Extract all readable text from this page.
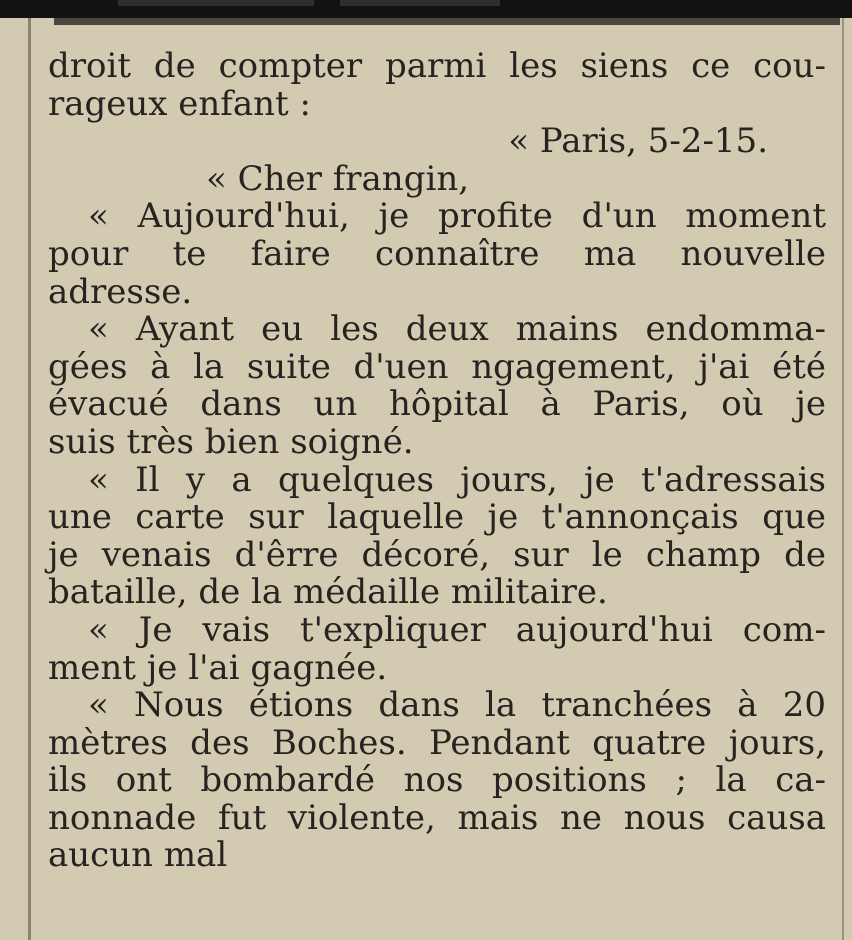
droit de compter parmi les siens ce cou-

rageux enfant :

« Paris, 5-2-15.

« Cher frangin,

« Aujourd'hui, je profite d'un moment

pour te faire connaître ma nouvelle

adresse.

« Ayant eu les deux mains endomma-

gées à la suite d'uen ngagement, j'ai été

évacué dans un hôpital à Paris, où je

suis très bien soigné.

« Il y a quelques jours, je t'adressais

une carte sur laquelle je t'annonçais que

je venais d'êrre décoré, sur le champ de

bataille, de la médaille militaire.

« Je vais t'expliquer aujourd'hui com-

ment je l'ai gagnée.

« Nous étions dans la tranchées à 20

mètres des Boches. Pendant quatre jours,

ils ont bombardé nos positions ; la ca-

nonnade fut violente, mais ne nous causa

aucun mal
